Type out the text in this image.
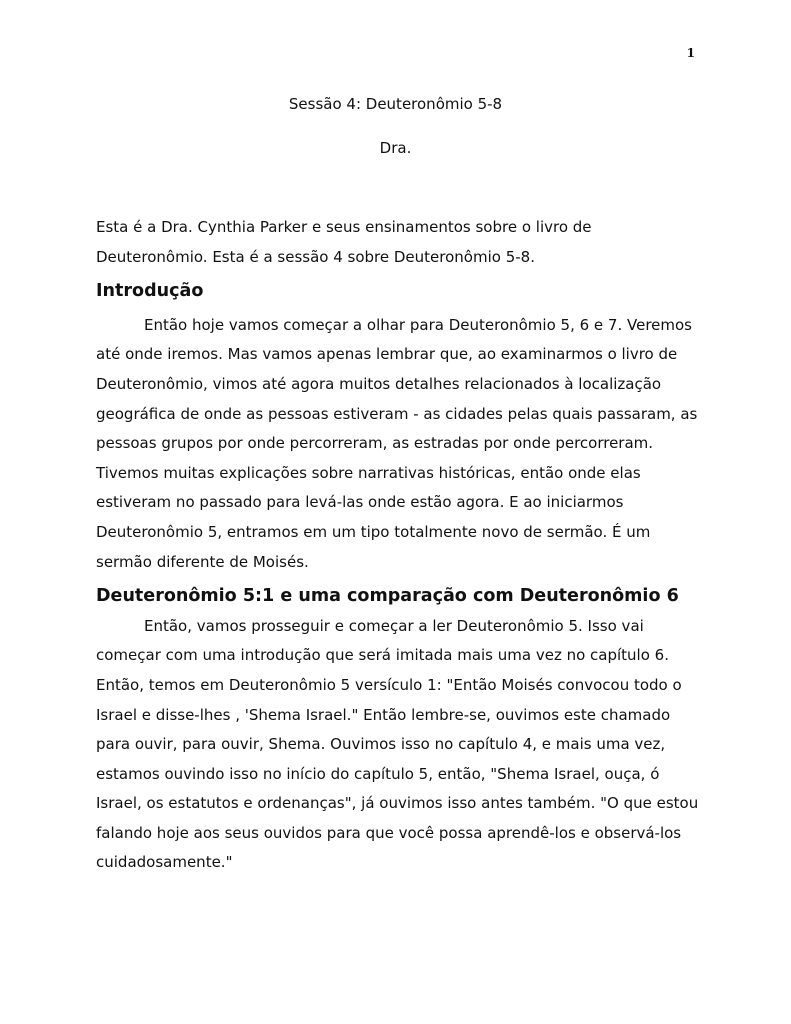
1
Sessão 4: Deuteronômio 5-8
Dra.

Esta é a Dra. Cynthia Parker e seus ensinamentos sobre o livro de Deuteronômio. Esta é a sessão 4 sobre Deuteronômio 5-8.

Introdução

Então hoje vamos começar a olhar para Deuteronômio 5, 6 e 7. Veremos até onde iremos. Mas vamos apenas lembrar que, ao examinarmos o livro de Deuteronômio, vimos até agora muitos detalhes relacionados à localização geográfica de onde as pessoas estiveram - as cidades pelas quais passaram, as pessoas grupos por onde percorreram, as estradas por onde percorreram. Tivemos muitas explicações sobre narrativas históricas, então onde elas estiveram no passado para levá-las onde estão agora. E ao iniciarmos Deuteronômio 5, entramos em um tipo totalmente novo de sermão. É um sermão diferente de Moisés.

Deuteronômio 5:1 e uma comparação com Deuteronômio 6

Então, vamos prosseguir e começar a ler Deuteronômio 5. Isso vai começar com uma introdução que será imitada mais uma vez no capítulo 6. Então, temos em Deuteronômio 5 versículo 1: "Então Moisés convocou todo o Israel e disse-lhes , 'Shema Israel." Então lembre-se, ouvimos este chamado para ouvir, para ouvir, Shema. Ouvimos isso no capítulo 4, e mais uma vez, estamos ouvindo isso no início do capítulo 5, então, "Shema Israel, ouça, ó Israel, os estatutos e ordenanças", já ouvimos isso antes também. "O que estou falando hoje aos seus ouvidos para que você possa aprendê-los e observá-los cuidadosamente."
